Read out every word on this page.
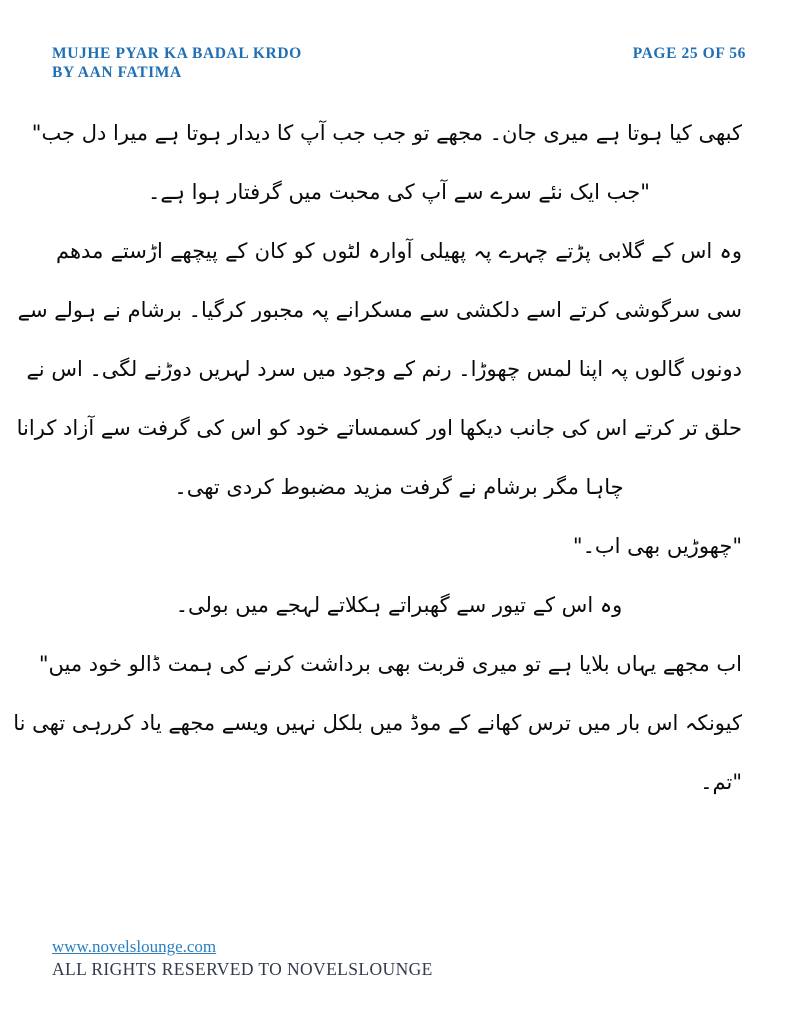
MUJHE PYAR KA BADAL KRDO
BY AAN FATIMA
PAGE 25 OF 56
کبھی کیا ہوتا ہے میری جان۔ مجھے تو جب جب آپ کا دیدار ہوتا ہے میرا دل جب"
"جب ایک نئے سرے سے آپ کی محبت میں گرفتار ہوا ہے۔
وہ اس کے گلابی پڑتے چہرے پہ پھیلی آوارہ لٹوں کو کان کے پیچھے اڑستے مدھم
سی سرگوشی کرتے اسے دلکشی سے مسکرانے پہ مجبور کرگیا۔ برشام نے ہولے سے
دونوں گالوں پہ اپنا لمس چھوڑا۔ رنم کے وجود میں سرد لہریں دوڑنے لگی۔ اس نے
حلق تر کرتے اس کی جانب دیکھا اور کسمساتے خود کو اس کی گرفت سے آزاد کرانا
چاہا مگر برشام نے گرفت مزید مضبوط کردی تھی۔
"چھوڑیں بھی اب۔"
وہ اس کے تیور سے گھبراتے ہکلاتے لہجے میں بولی۔
اب مجھے یہاں بلایا ہے تو میری قربت بھی برداشت کرنے کی ہمت ڈالو خود میں"
کیونکہ اس بار میں ترس کھانے کے موڈ میں بلکل نہیں ویسے مجھے یاد کررہی تھی نا
"تم۔
www.novelslounge.com
ALL RIGHTS RESERVED TO NOVELSLOUNGE
